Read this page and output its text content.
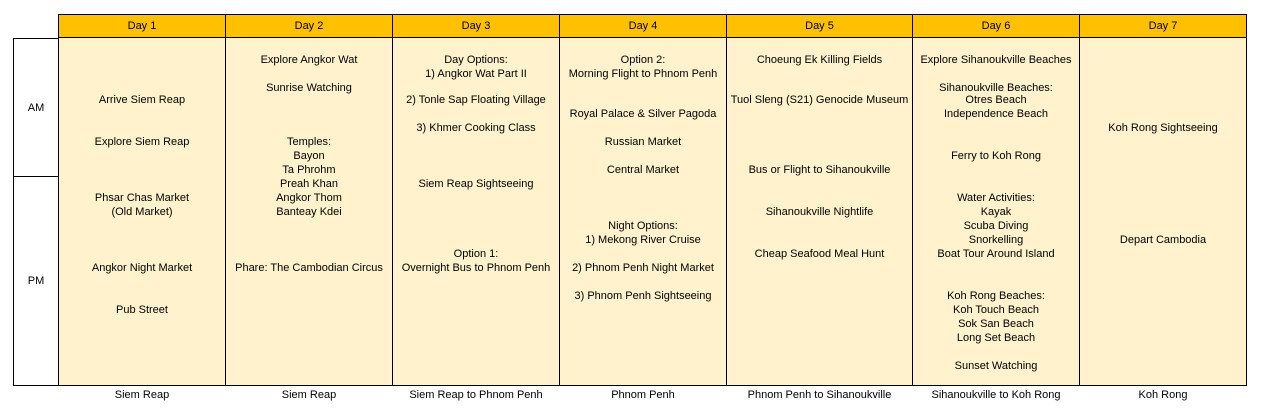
AM
PM
Day 1
Arrive Siem Reap
Explore Siem Reap
Phsar Chas Market
(Old Market)
Angkor Night Market
Pub Street
Siem Reap
Day 2
Explore Angkor Wat
Sunrise Watching
Temples:
Bayon
Ta Phrohm
Preah Khan
Angkor Thom
Banteay Kdei
Phare: The Cambodian Circus
Siem Reap
Day 3
Day Options:
1) Angkor Wat Part II
2) Tonle Sap Floating Village
3) Khmer Cooking Class
Siem Reap Sightseeing
Option 1:
Overnight Bus to Phnom Penh
Siem Reap to Phnom Penh
Day 4
Option 2:
Morning Flight to Phnom Penh
Royal Palace & Silver Pagoda
Russian Market
Central Market
Night Options:
1) Mekong River Cruise
2) Phnom Penh Night Market
3) Phnom Penh Sightseeing
Phnom Penh
Day 5
Choeung Ek Killing Fields
Tuol Sleng (S21) Genocide Museum
Bus or Flight to Sihanoukville
Sihanoukville Nightlife
Cheap Seafood Meal Hunt
Phnom Penh to Sihanoukville
Day 6
Explore Sihanoukville Beaches
Sihanoukville Beaches:
Otres Beach
Independence Beach
Ferry to Koh Rong
Water Activities:
Kayak
Scuba Diving
Snorkelling
Boat Tour Around Island
Koh Rong Beaches:
Koh Touch Beach
Sok San Beach
Long Set Beach
Sunset Watching
Sihanoukville to Koh Rong
Day 7
Koh Rong Sightseeing
Depart Cambodia
Koh Rong
